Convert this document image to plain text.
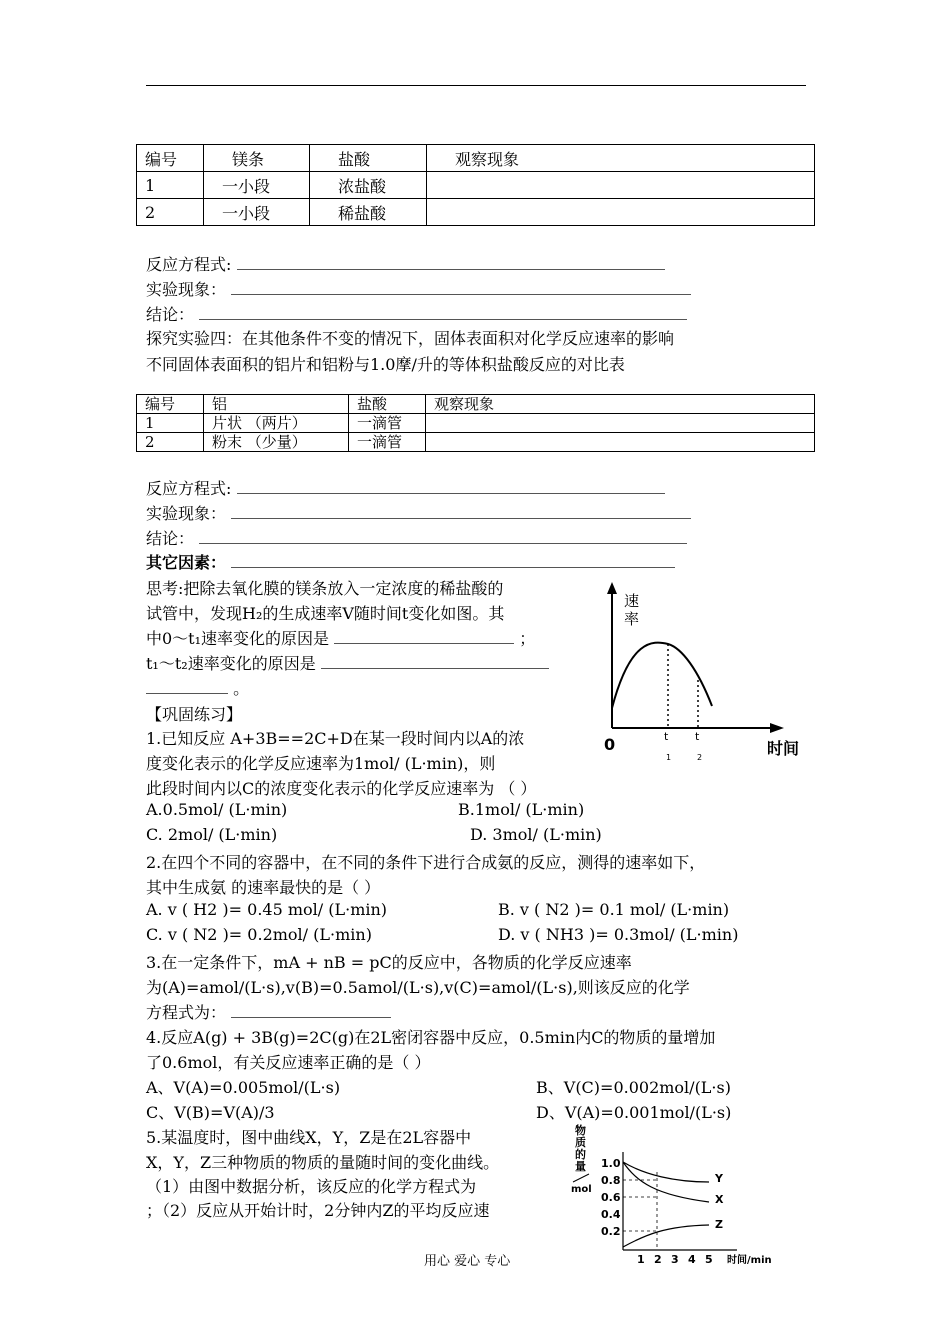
编号	镁条	盐酸	观察现象
1	一小段	浓盐酸	
2	一小段	稀盐酸	
反应方程式:
实验现象：
结论：
探究实验四：在其他条件不变的情况下，固体表面积对化学反应速率的影响
不同固体表面积的铝片和铝粉与1.0摩/升的等体积盐酸反应的对比表
编号	铝	盐酸	观察现象
1	片状 （两片）	一滴管	
2	粉末 （少量）	一滴管	
反应方程式:
实验现象：
结论：
其它因素：
思考:把除去氧化膜的镁条放入一定浓度的稀盐酸的
试管中，发现H₂的生成速率V随时间t变化如图。其
中0～t₁速率变化的原因是	；
t₁～t₂速率变化的原因是
。
速
率
0	t
1
t
2	时间
【巩固练习】
1.已知反应 A+3B==2C+D在某一段时间内以A的浓
度变化表示的化学反应速率为1mol/ (L·min)，则
此段时间内以C的浓度变化表示的化学反应速率为 （ ）
A.0.5mol/ (L·min)	B.1mol/ (L·min)
C. 2mol/ (L·min)	D. 3mol/ (L·min)
2.在四个不同的容器中，在不同的条件下进行合成氨的反应，测得的速率如下，
其中生成氨 的速率最快的是（ ）
A. v ( H2 )= 0.45 mol/ (L·min)	B. v ( N2 )= 0.1 mol/ (L·min)
C. v ( N2 )= 0.2mol/ (L·min)	D. v ( NH3 )= 0.3mol/ (L·min)
3.在一定条件下，mA + nB = pC的反应中，各物质的化学反应速率
为(A)=amol/(L·s),v(B)=0.5amol/(L·s),v(C)=amol/(L·s),则该反应的化学
方程式为：
4.反应A(g) + 3B(g)=2C(g)在2L密闭容器中反应，0.5min内C的物质的量增加
了0.6mol，有关反应速率正确的是（ ）
A、V(A)=0.005mol/(L·s)	B、V(C)=0.002mol/(L·s)
C、V(B)=V(A)/3	D、V(A)=0.001mol/(L·s)
5.某温度时，图中曲线X，Y，Z是在2L容器中
X，Y，Z三种物质的物质的量随时间的变化曲线。
（1）由图中数据分析，该反应的化学方程式为
；（2）反应从开始计时，2分钟内Z的平均反应速
物
质
的
量
mol
1.0
0.8
0.6
0.4
0.2
Y
X
Z
1 2 3 4 5 时间/min
用心 爱心 专心
